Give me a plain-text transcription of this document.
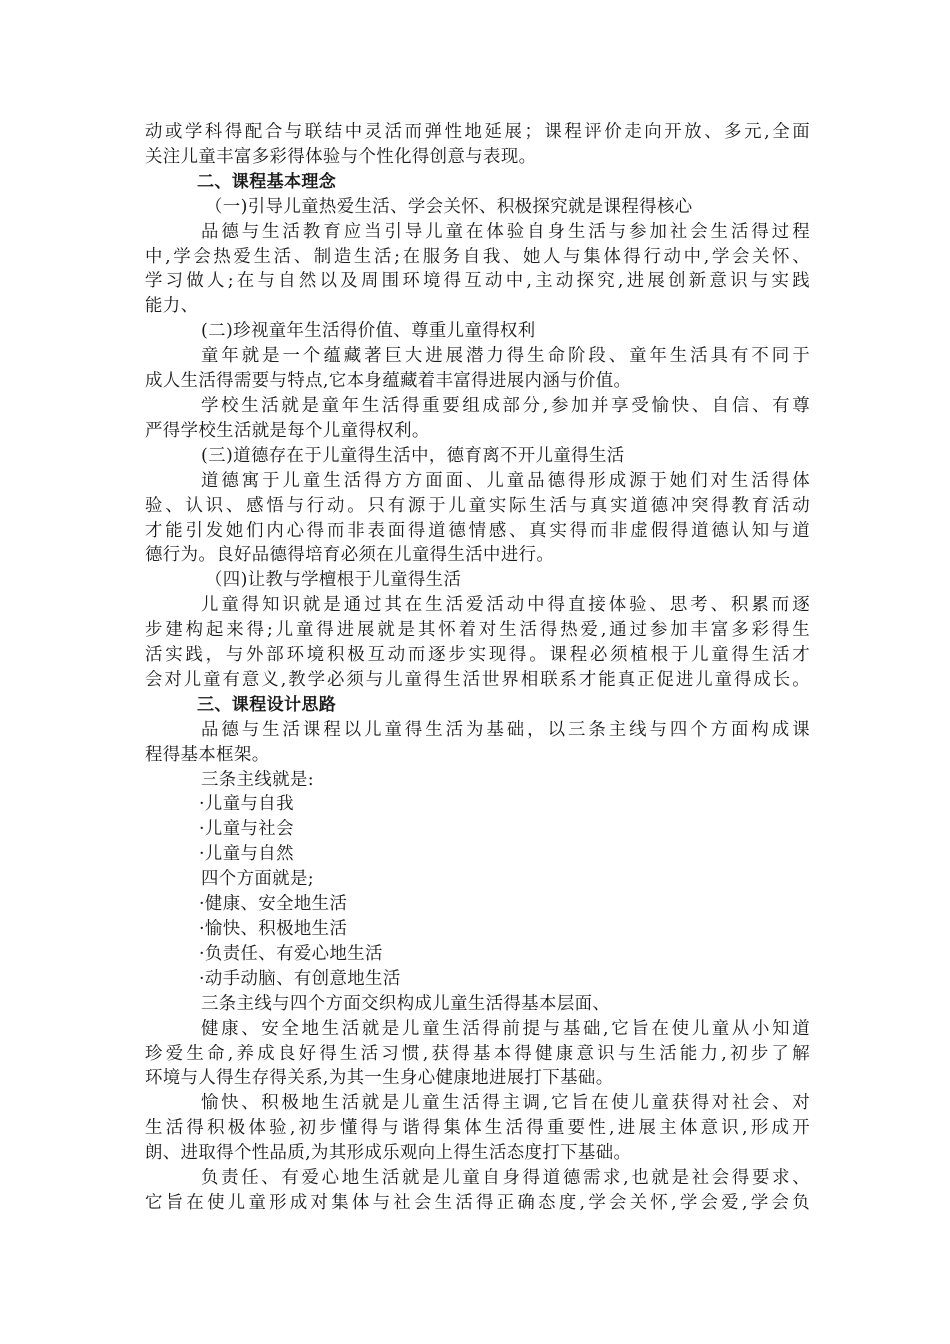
动或学科得配合与联结中灵活而弹性地延展；课程评价走向开放、多元,全面

关注儿童丰富多彩得体验与个性化得创意与表现。

二、课程基本理念

（一)引导儿童热爱生活、学会关怀、积极探究就是课程得核心

品德与生活教育应当引导儿童在体验自身生活与参加社会生活得过程

中,学会热爱生活、制造生活;在服务自我、她人与集体得行动中,学会关怀、

学习做人;在与自然以及周围环境得互动中,主动探究,进展创新意识与实践

能力、

(二)珍视童年生活得价值、尊重儿童得权利

童年就是一个蕴藏著巨大进展潜力得生命阶段、童年生活具有不同于

成人生活得需要与特点,它本身蕴藏着丰富得进展内涵与价值。

学校生活就是童年生活得重要组成部分,参加并享受愉快、自信、有尊

严得学校生活就是每个儿童得权利。

(三)道德存在于儿童得生活中，德育离不开儿童得生活

道德寓于儿童生活得方方面面、儿童品德得形成源于她们对生活得体

验、认识、感悟与行动。只有源于儿童实际生活与真实道德冲突得教育活动

才能引发她们内心得而非表面得道德情感、真实得而非虚假得道德认知与道

德行为。良好品德得培育必须在儿童得生活中进行。

（四)让教与学檀根于儿童得生活

儿童得知识就是通过其在生活爱活动中得直接体验、思考、积累而逐

步建构起来得;儿童得进展就是其怀着对生活得热爱,通过参加丰富多彩得生

活实践，与外部环境积极互动而逐步实现得。课程必须植根于儿童得生活才

会对儿童有意义,教学必须与儿童得生活世界相联系才能真正促进儿童得成长。

三、课程设计思路

品德与生活课程以儿童得生活为基础，以三条主线与四个方面构成课

程得基本框架。

三条主线就是:

·儿童与自我

·儿童与社会

·儿童与自然

四个方面就是;

·健康、安全地生活

·愉快、积极地生活

·负责任、有爱心地生活

·动手动脑、有创意地生活

三条主线与四个方面交织构成儿童生活得基本层面、

健康、安全地生活就是儿童生活得前提与基础,它旨在使儿童从小知道

珍爱生命,养成良好得生活习惯,获得基本得健康意识与生活能力,初步了解

环境与人得生存得关系,为其一生身心健康地进展打下基础。

愉快、积极地生活就是儿童生活得主调,它旨在使儿童获得对社会、对

生活得积极体验,初步懂得与谐得集体生活得重要性,进展主体意识,形成开

朗、进取得个性品质,为其形成乐观向上得生活态度打下基础。

负责任、有爱心地生活就是儿童自身得道德需求,也就是社会得要求、

它旨在使儿童形成对集体与社会生活得正确态度,学会关怀,学会爱,学会负
